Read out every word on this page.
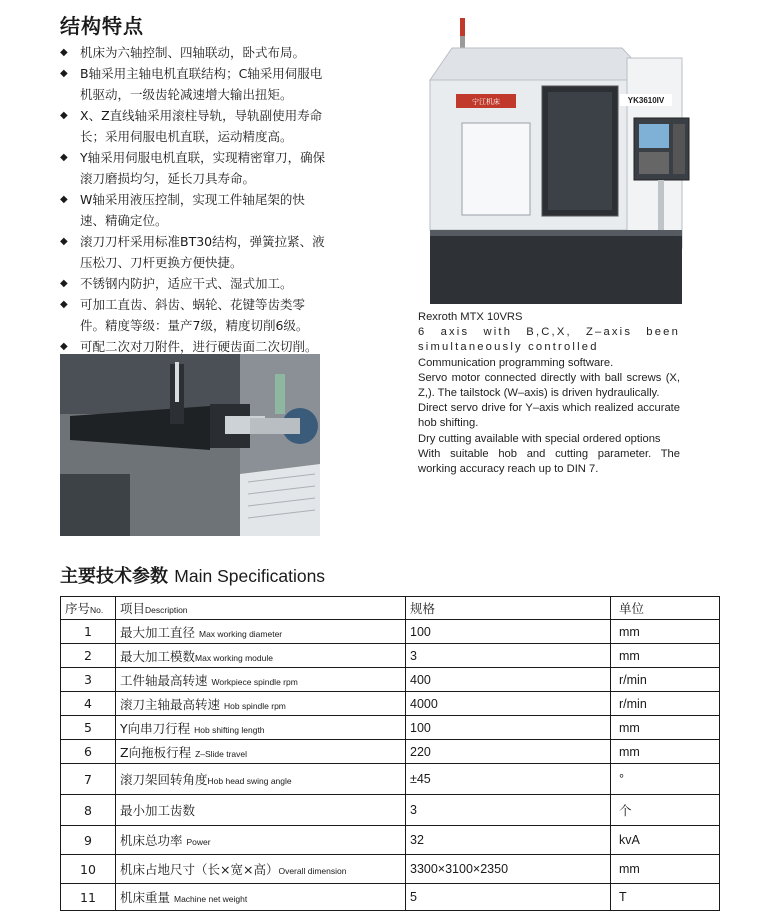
结构特点
◆ 机床为六轴控制、四轴联动，卧式布局。
◆ B轴采用主轴电机直联结构；C轴采用伺服电机驱动，一级齿轮减速增大输出扭矩。
◆ X、Z直线轴采用滚柱导轨，导轨副使用寿命长；采用伺服电机直联，运动精度高。
◆ Y轴采用伺服电机直联，实现精密窜刀，确保滚刀磨损均匀，延长刀具寿命。
◆ W轴采用液压控制，实现工件轴尾架的快速、精确定位。
◆ 滚刀刀杆采用标准BT30结构，弹簧拉紧、液压松刀、刀杆更换方便快捷。
◆ 不锈钢内防护，适应干式、湿式加工。
◆ 可加工直齿、斜齿、蜗轮、花键等齿类零件。精度等级：量产7级，精度切削6级。
◆ 可配二次对刀附件，进行硬齿面二次切削。
宁江机床	YK3610IV

Rexroth MTX 10VRS

6 axis with B,C,X, Z–axis been simultaneously controlled

Communication programming software.

Servo motor connected directly with ball screws (X, Z,). The tailstock (W–axis) is driven hydraulically.

Direct servo drive for Y–axis which realized accurate hob shifting.

Dry cutting available with special ordered options

With suitable hob and cutting parameter. The working accuracy reach up to DIN 7.

主要技术参数 Main Specifications
序号No.	项目Description	规格	单位
1	最大加工直径 Max working diameter	100	mm
2	最大加工模数Max working module	3	mm
3	工件轴最高转速 Workpiece spindle rpm	400	r/min
4	滚刀主轴最高转速 Hob spindle rpm	4000	r/min
5	Y向串刀行程 Hob shifting length	100	mm
6	Z向拖板行程 Z–Slide travel	220	mm
7	滚刀架回转角度Hob head swing angle	±45	°
8	最小加工齿数	3	个
9	机床总功率 Power	32	kvA
10	机床占地尺寸（长×宽×高）Overall dimension	3300×3100×2350	mm
11	机床重量 Machine net weight	5	T
